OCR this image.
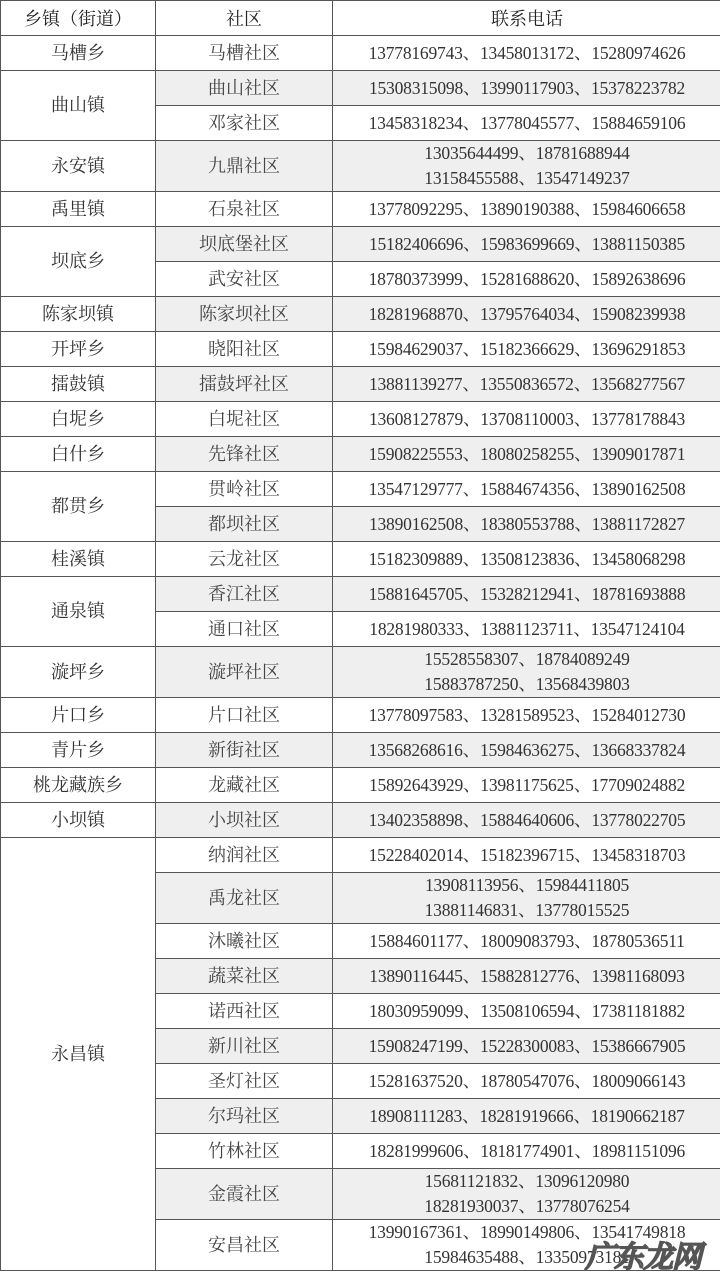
乡镇（街道）	社区	联系电话
马槽乡	马槽社区	13778169743、13458013172、15280974626

曲山镇	曲山社区	15308315098、13990117903、15378223782

	邓家社区	13458318234、13778045577、15884659106

永安镇	九鼎社区	13035644499、18781688944
13158455588、13547149237

禹里镇	石泉社区	13778092295、13890190388、15984606658

坝底乡	坝底堡社区	15182406696、15983699669、13881150385

	武安社区	18780373999、15281688620、15892638696

陈家坝镇	陈家坝社区	18281968870、13795764034、15908239938

开坪乡	晓阳社区	15984629037、15182366629、13696291853

擂鼓镇	擂鼓坪社区	13881139277、13550836572、13568277567

白坭乡	白坭社区	13608127879、13708110003、13778178843

白什乡	先锋社区	15908225553、18080258255、13909017871

都贯乡	贯岭社区	13547129777、15884674356、13890162508

	都坝社区	13890162508、18380553788、13881172827

桂溪镇	云龙社区	15182309889、13508123836、13458068298

通泉镇	香江社区	15881645705、15328212941、18781693888

	通口社区	18281980333、13881123711、13547124104

漩坪乡	漩坪社区	15528558307、18784089249
15883787250、13568439803

片口乡	片口社区	13778097583、13281589523、15284012730

青片乡	新街社区	13568268616、15984636275、13668337824

桃龙藏族乡	龙藏社区	15892643929、13981175625、17709024882

小坝镇	小坝社区	13402358898、15884640606、13778022705

永昌镇	纳润社区	15228402014、15182396715、13458318703

	禹龙社区	13908113956、15984411805
13881146831、13778015525

	沐曦社区	15884601177、18009083793、18780536511

	蔬菜社区	13890116445、15882812776、13981168093

	诺西社区	18030959099、13508106594、17381181882

	新川社区	15908247199、15228300083、15386667905

	圣灯社区	15281637520、18780547076、18009066143

	尔玛社区	18908111283、18281919666、18190662187

	竹林社区	18281999606、18181774901、18981151096

	金霞社区	15681121832、13096120980
18281930037、13778076254

	安昌社区	13990167361、18990149806、13541749818
15984635488、13350973181
广东龙网
